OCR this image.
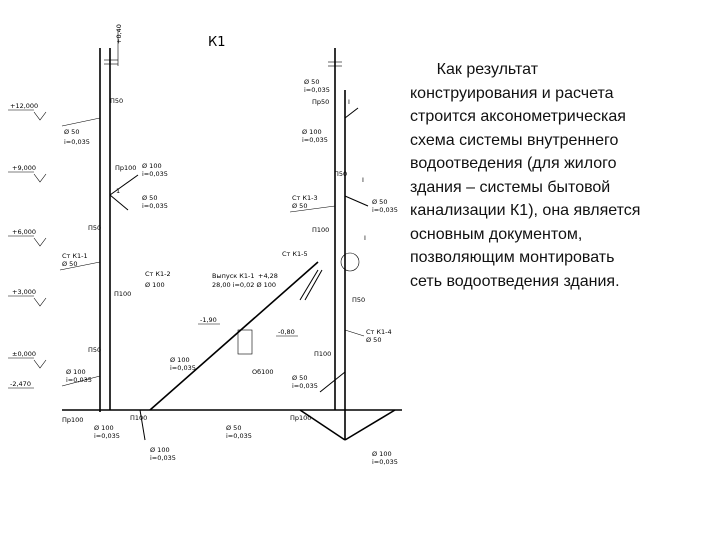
К1
+12,000
+9,000
+6,000
+3,000
±0,000
-2,470
+0,40
П50
Ø 50
i=0,035
Пр100 Ø 100
i=0,035
Ø 50
i=0,035
1
П50
Ст К1-1
Ø 50
Ст К1-2
Ø 100
П100
П50
Ø 100
i=0,035
Ø 50
i=0,035
Пр50	I
Ø 100
i=0,035
П50
I
Ст К1-3
Ø 50	Ø 50
i=0,035
П100
Ст К1-5
I
П50
Ст К1-4
Ø 50
П100
Ø 50
i=0,035
Пр100	П100
Ø 100
i=0,035
Ø 50
i=0,035
Пр100
Ø 100
i=0,035	Ø 100
i=0,035
Выпуск К1-1
28,00 i=0,02 Ø 100
+4,28
-1,90
-0,80
Ø 100
i=0,035	Об100
Как результат
конструирования и расчета
строится аксонометрическая
схема системы внутреннего
водоотведения (для жилого
здания – системы бытовой
канализации К1), она является
основным документом,
позволяющим монтировать
сеть водоотведения здания.
